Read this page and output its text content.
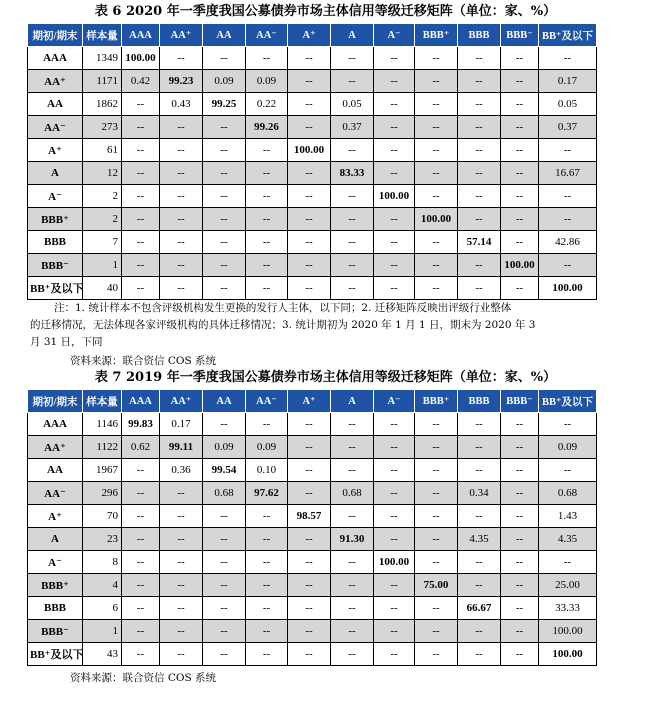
表 6 2020 年一季度我国公募债券市场主体信用等级迁移矩阵（单位：家、%）
期初/期末	样本量	AAA	AA⁺	AA	AA⁻	A⁺	A	A⁻	BBB⁺	BBB	BBB⁻	BB⁺及以下
AAA	1349	100.00	--	--	--	--	--	--	--	--	--	--
AA⁺	1171	0.42	99.23	0.09	0.09	--	--	--	--	--	--	0.17
AA	1862	--	0.43	99.25	0.22	--	0.05	--	--	--	--	0.05
AA⁻	273	--	--	--	99.26	--	0.37	--	--	--	--	0.37
A⁺	61	--	--	--	--	100.00	--	--	--	--	--	--
A	12	--	--	--	--	--	83.33	--	--	--	--	16.67
A⁻	2	--	--	--	--	--	--	100.00	--	--	--	--
BBB⁺	2	--	--	--	--	--	--	--	100.00	--	--	--
BBB	7	--	--	--	--	--	--	--	--	57.14	--	42.86
BBB⁻	1	--	--	--	--	--	--	--	--	--	100.00	--
BB⁺及以下	40	--	--	--	--	--	--	--	--	--	--	100.00
注：1. 统计样本不包含评级机构发生更换的发行人主体，以下同；2. 迁移矩阵反映出评级行业整体
的迁移情况，无法体现各家评级机构的具体迁移情况；3. 统计期初为 2020 年 1 月 1 日，期末为 2020 年 3
月 31 日，下同
资料来源：联合资信 COS 系统
表 7 2019 年一季度我国公募债券市场主体信用等级迁移矩阵（单位：家、%）
期初/期末	样本量	AAA	AA⁺	AA	AA⁻	A⁺	A	A⁻	BBB⁺	BBB	BBB⁻	BB⁺及以下
AAA	1146	99.83	0.17	--	--	--	--	--	--	--	--	--
AA⁺	1122	0.62	99.11	0.09	0.09	--	--	--	--	--	--	0.09
AA	1967	--	0.36	99.54	0.10	--	--	--	--	--	--	--
AA⁻	296	--	--	0.68	97.62	--	0.68	--	--	0.34	--	0.68
A⁺	70	--	--	--	--	98.57	--	--	--	--	--	1.43
A	23	--	--	--	--	--	91.30	--	--	4.35	--	4.35
A⁻	8	--	--	--	--	--	--	100.00	--	--	--	--
BBB⁺	4	--	--	--	--	--	--	--	75.00	--	--	25.00
BBB	6	--	--	--	--	--	--	--	--	66.67	--	33.33
BBB⁻	1	--	--	--	--	--	--	--	--	--	--	100.00
BB⁺及以下	43	--	--	--	--	--	--	--	--	--	--	100.00
资料来源：联合资信 COS 系统
